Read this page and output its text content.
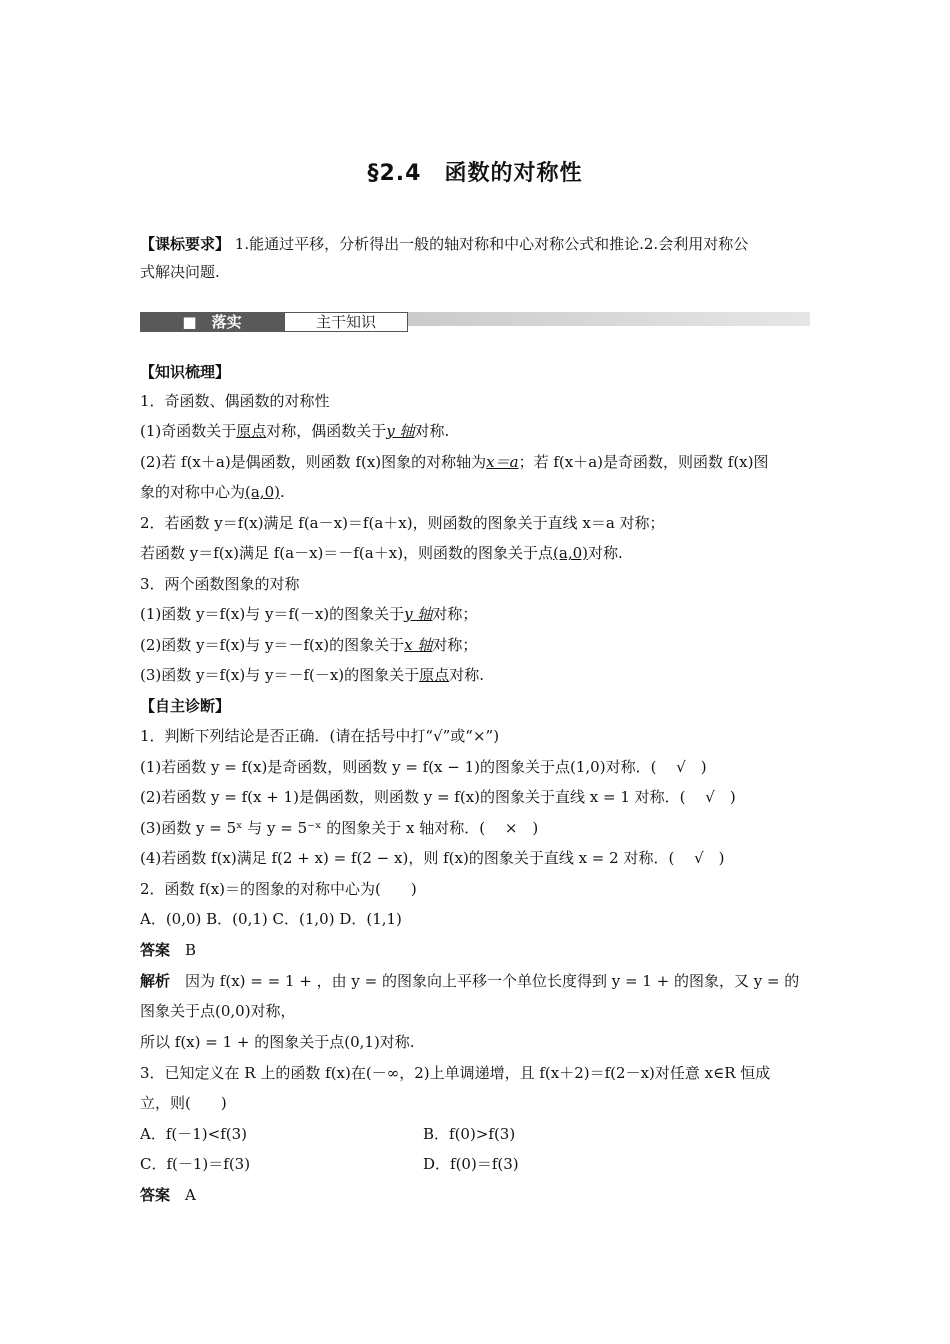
§2.4　函数的对称性
【课标要求】 1.能通过平移，分析得出一般的轴对称和中心对称公式和推论.2.会利用对称公
式解决问题.
■　落实	主干知识
【知识梳理】
1．奇函数、偶函数的对称性
(1)奇函数关于原点对称，偶函数关于y 轴对称.
(2)若 f(x＋a)是偶函数，则函数 f(x)图象的对称轴为x＝a；若 f(x＋a)是奇函数，则函数 f(x)图
象的对称中心为(a,0).
2．若函数 y＝f(x)满足 f(a－x)＝f(a＋x)，则函数的图象关于直线 x＝a 对称；
若函数 y＝f(x)满足 f(a－x)＝－f(a＋x)，则函数的图象关于点(a,0)对称.
3．两个函数图象的对称
(1)函数 y＝f(x)与 y＝f(－x)的图象关于y 轴对称；
(2)函数 y＝f(x)与 y＝－f(x)的图象关于x 轴对称；
(3)函数 y＝f(x)与 y＝－f(－x)的图象关于原点对称.
【自主诊断】
1．判断下列结论是否正确．(请在括号中打“√”或“×”)
(1)若函数 y = f(x)是奇函数，则函数 y = f(x − 1)的图象关于点(1,0)对称．(　 √　)
(2)若函数 y = f(x + 1)是偶函数，则函数 y = f(x)的图象关于直线 x = 1 对称．(　 √　)
(3)函数 y = 5ˣ 与 y = 5⁻ˣ 的图象关于 x 轴对称．(　 ×　)
(4)若函数 f(x)满足 f(2 + x) = f(2 − x)，则 f(x)的图象关于直线 x = 2 对称．(　 √　)
2．函数 f(x)＝的图象的对称中心为(　　)
A．(0,0) B．(0,1) C．(1,0) D．(1,1)
答案　 B
解析　 因为 f(x) = = 1 + ，由 y = 的图象向上平移一个单位长度得到 y = 1 + 的图象，又 y = 的
图象关于点(0,0)对称，
所以 f(x) = 1 + 的图象关于点(0,1)对称.
3．已知定义在 R 上的函数 f(x)在(－∞，2)上单调递增，且 f(x＋2)＝f(2－x)对任意 x∈R 恒成
立，则(　　)
A．f(－1)<f(3)	B．f(0)>f(3)
C．f(－1)＝f(3)	D．f(0)＝f(3)
答案　 A
